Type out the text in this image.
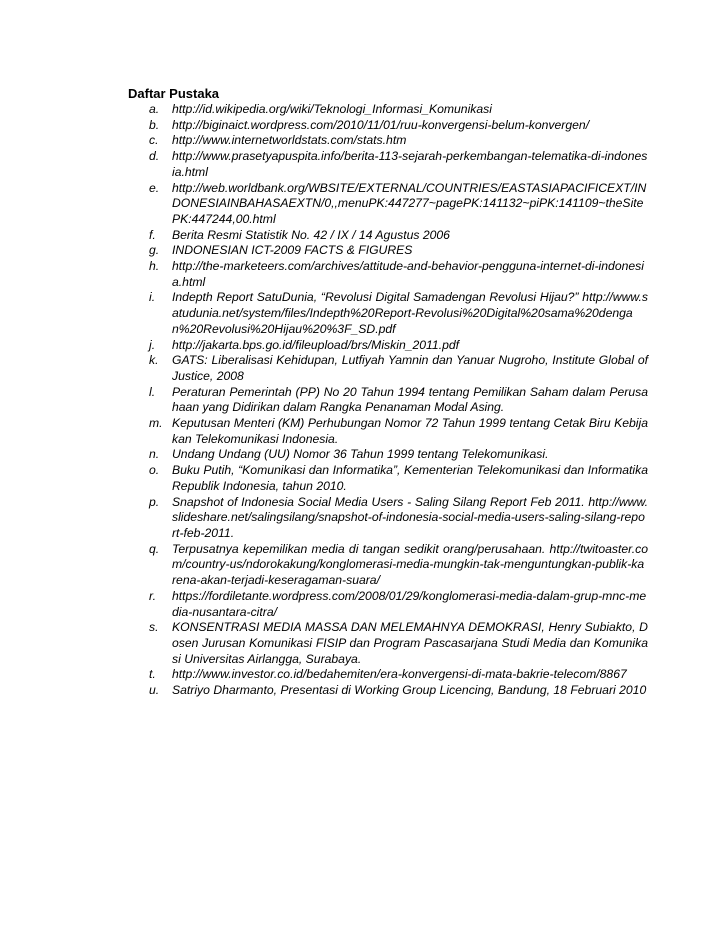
Daftar Pustaka
a. http://id.wikipedia.org/wiki/Teknologi_Informasi_Komunikasi
b. http://biginaict.wordpress.com/2010/11/01/ruu-konvergensi-belum-konvergen/
c. http://www.internetworldstats.com/stats.htm
d. http://www.prasetyapuspita.info/berita-113-sejarah-perkembangan-telematika-di-indonesia.html
e. http://web.worldbank.org/WBSITE/EXTERNAL/COUNTRIES/EASTASIAPACIFICEXT/INDONESIAINBAHASAEXTN/0,,menuPK:447277~pagePK:141132~piPK:141109~theSitePK:447244,00.html
f. Berita Resmi Statistik No. 42 / IX / 14 Agustus 2006
g. INDONESIAN ICT-2009 FACTS & FIGURES
h. http://the-marketeers.com/archives/attitude-and-behavior-pengguna-internet-di-indonesia.html
i. Indepth Report SatuDunia, “Revolusi Digital Samadengan Revolusi Hijau?” http://www.satudunia.net/system/files/Indepth%20Report-Revolusi%20Digital%20sama%20dengan%20Revolusi%20Hijau%20%3F_SD.pdf
j. http://jakarta.bps.go.id/fileupload/brs/Miskin_2011.pdf
k. GATS: Liberalisasi Kehidupan, Lutfiyah Yamnin dan Yanuar Nugroho, Institute Global of Justice, 2008
l. Peraturan Pemerintah (PP) No 20 Tahun 1994 tentang Pemilikan Saham dalam Perusahaan yang Didirikan dalam Rangka Penanaman Modal Asing.
m. Keputusan Menteri (KM) Perhubungan Nomor 72 Tahun 1999 tentang Cetak Biru Kebijakan Telekomunikasi Indonesia.
n. Undang Undang (UU) Nomor 36 Tahun 1999 tentang Telekomunikasi.
o. Buku Putih, “Komunikasi dan Informatika”, Kementerian Telekomunikasi dan Informatika Republik Indonesia, tahun 2010.
p. Snapshot of Indonesia Social Media Users - Saling Silang Report Feb 2011. http://www.slideshare.net/salingsilang/snapshot-of-indonesia-social-media-users-saling-silang-report-feb-2011.
q. Terpusatnya kepemilikan media di tangan sedikit orang/perusahaan. http://twitoaster.com/country-us/ndorokakung/konglomerasi-media-mungkin-tak-menguntungkan-publik-karena-akan-terjadi-keseragaman-suara/
r. https://fordiletante.wordpress.com/2008/01/29/konglomerasi-media-dalam-grup-mnc-media-nusantara-citra/
s. KONSENTRASI MEDIA MASSA DAN MELEMAHNYA DEMOKRASI, Henry Subiakto, Dosen Jurusan Komunikasi FISIP dan Program Pascasarjana Studi Media dan Komunikasi Universitas Airlangga, Surabaya.
t. http://www.investor.co.id/bedahemiten/era-konvergensi-di-mata-bakrie-telecom/8867
u. Satriyo Dharmanto, Presentasi di Working Group Licencing, Bandung, 18 Februari 2010
